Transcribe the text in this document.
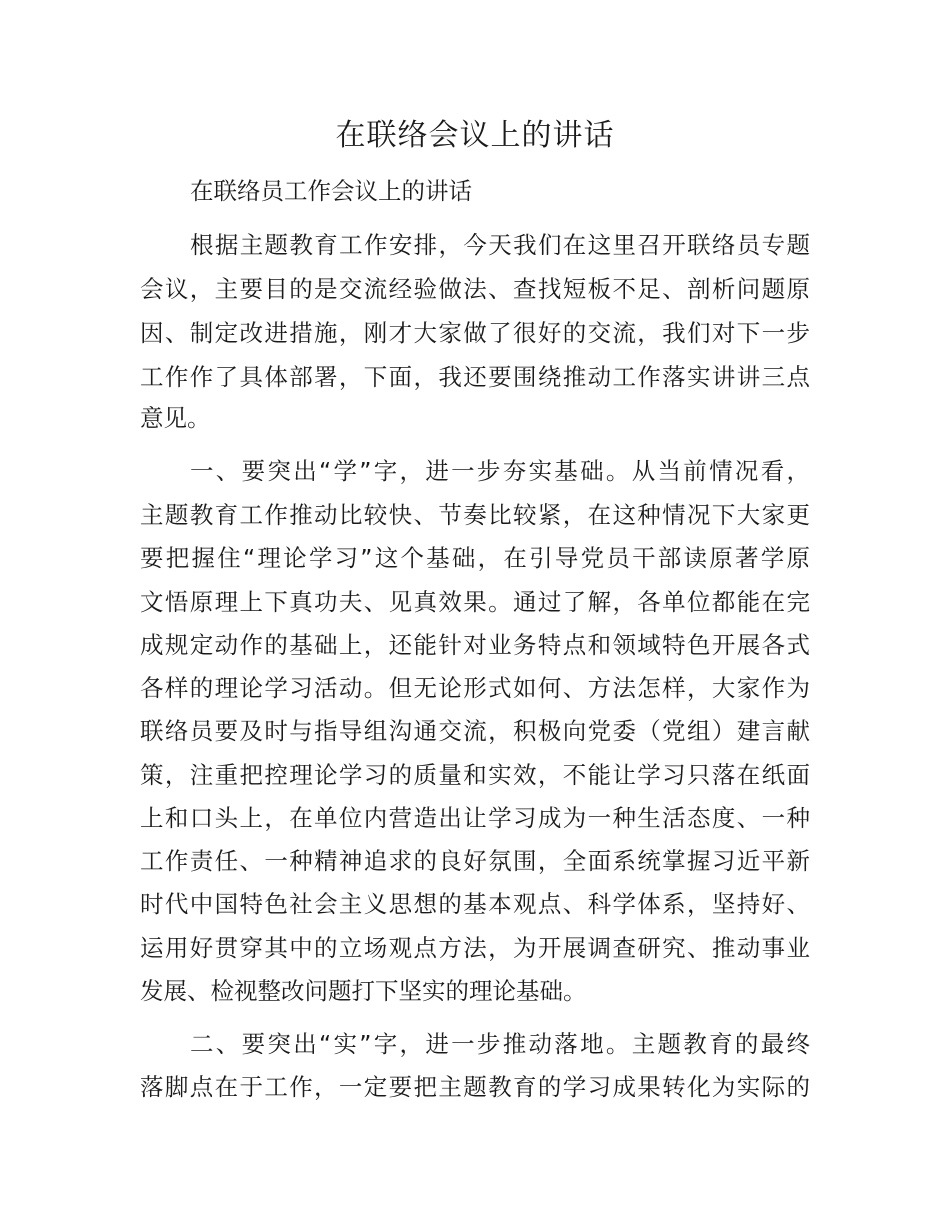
在联络会议上的讲话

在联络员工作会议上的讲话

根据主题教育工作安排，今天我们在这里召开联络员专题
会议，主要目的是交流经验做法、查找短板不足、剖析问题原
因、制定改进措施，刚才大家做了很好的交流，我们对下一步
工作作了具体部署，下面，我还要围绕推动工作落实讲讲三点
意见。
一、要突出“学”字，进一步夯实基础。从当前情况看，
主题教育工作推动比较快、节奏比较紧，在这种情况下大家更
要把握住“理论学习”这个基础，在引导党员干部读原著学原
文悟原理上下真功夫、见真效果。通过了解，各单位都能在完
成规定动作的基础上，还能针对业务特点和领域特色开展各式
各样的理论学习活动。但无论形式如何、方法怎样，大家作为
联络员要及时与指导组沟通交流，积极向党委（党组）建言献
策，注重把控理论学习的质量和实效，不能让学习只落在纸面
上和口头上，在单位内营造出让学习成为一种生活态度、一种
工作责任、一种精神追求的良好氛围，全面系统掌握习近平新
时代中国特色社会主义思想的基本观点、科学体系，坚持好、
运用好贯穿其中的立场观点方法，为开展调查研究、推动事业
发展、检视整改问题打下坚实的理论基础。
二、要突出“实”字，进一步推动落地。主题教育的最终
落脚点在于工作，一定要把主题教育的学习成果转化为实际的
